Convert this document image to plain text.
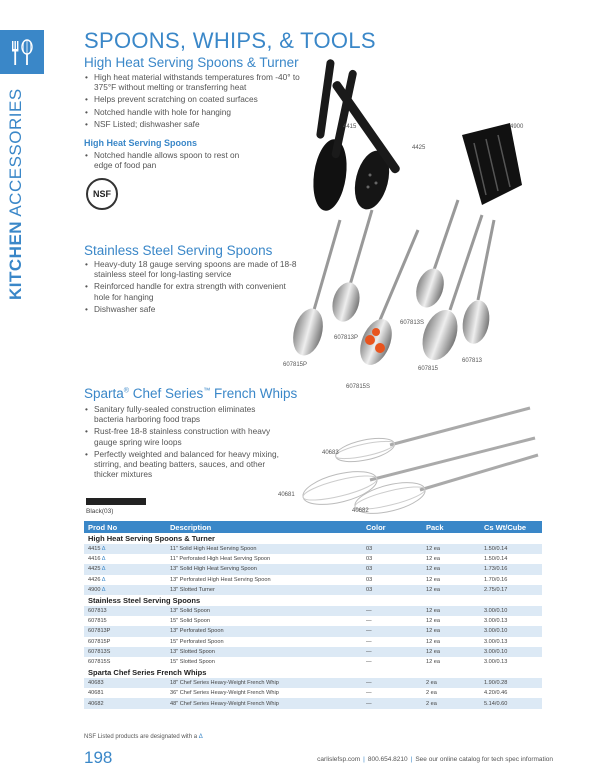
KITCHEN ACCESSORIES
SPOONS, WHIPS, & TOOLS
High Heat Serving Spoons & Turner
• High heat material withstands temperatures from -40° to 375°F without melting or transferring heat
• Helps prevent scratching on coated surfaces
• Notched handle with hole for hanging
• NSF Listed; dishwasher safe
High Heat Serving Spoons
• Notched handle allows spoon to rest on edge of food pan
NSF
4415
4425
4900
Stainless Steel Serving Spoons
• Heavy-duty 18 gauge serving spoons are made of 18-8 stainless steel for long-lasting service
• Reinforced handle for extra strength with convenient hole for hanging
• Dishwasher safe
607813S
607813P
607815P
607815S
607815
607813
Sparta® Chef Series™ French Whips
• Sanitary fully-sealed construction eliminates bacteria harboring food traps
• Rust-free 18-8 stainless construction with heavy gauge spring wire loops
• Perfectly weighted and balanced for heavy mixing, stirring, and beating batters, sauces, and other thicker mixtures
40683
40681
40682
Black(03)
Prod No	Description	Color	Pack	Cs Wt/Cube
High Heat Serving Spoons & Turner				
4415 Δ	11" Solid High Heat Serving Spoon	03	12 ea	1.50/0.14
4416 Δ	11" Perforated High Heat Serving Spoon	03	12 ea	1.50/0.14
4425 Δ	13" Solid High Heat Serving Spoon	03	12 ea	1.73/0.16
4426 Δ	13" Perforated High Heat Serving Spoon	03	12 ea	1.70/0.16
4900 Δ	13" Slotted Turner	03	12 ea	2.75/0.17
Stainless Steel Serving Spoons				
607813	13" Solid Spoon	—	12 ea	3.00/0.10
607815	15" Solid Spoon	—	12 ea	3.00/0.13
607813P	13" Perforated Spoon	—	12 ea	3.00/0.10
607815P	15" Perforated Spoon	—	12 ea	3.00/0.13
607813S	13" Slotted Spoon	—	12 ea	3.00/0.10
607815S	15" Slotted Spoon	—	12 ea	3.00/0.13
Sparta Chef Series French Whips				
40683	18" Chef Series Heavy-Weight French Whip	—	2 ea	1.90/0.28
40681	36" Chef Series Heavy-Weight French Whip	—	2 ea	4.20/0.46
40682	48" Chef Series Heavy-Weight French Whip	—	2 ea	5.14/0.60
NSF Listed products are designated with a Δ
198	carlislefsp.com | 800.654.8210 | See our online catalog for tech spec information
